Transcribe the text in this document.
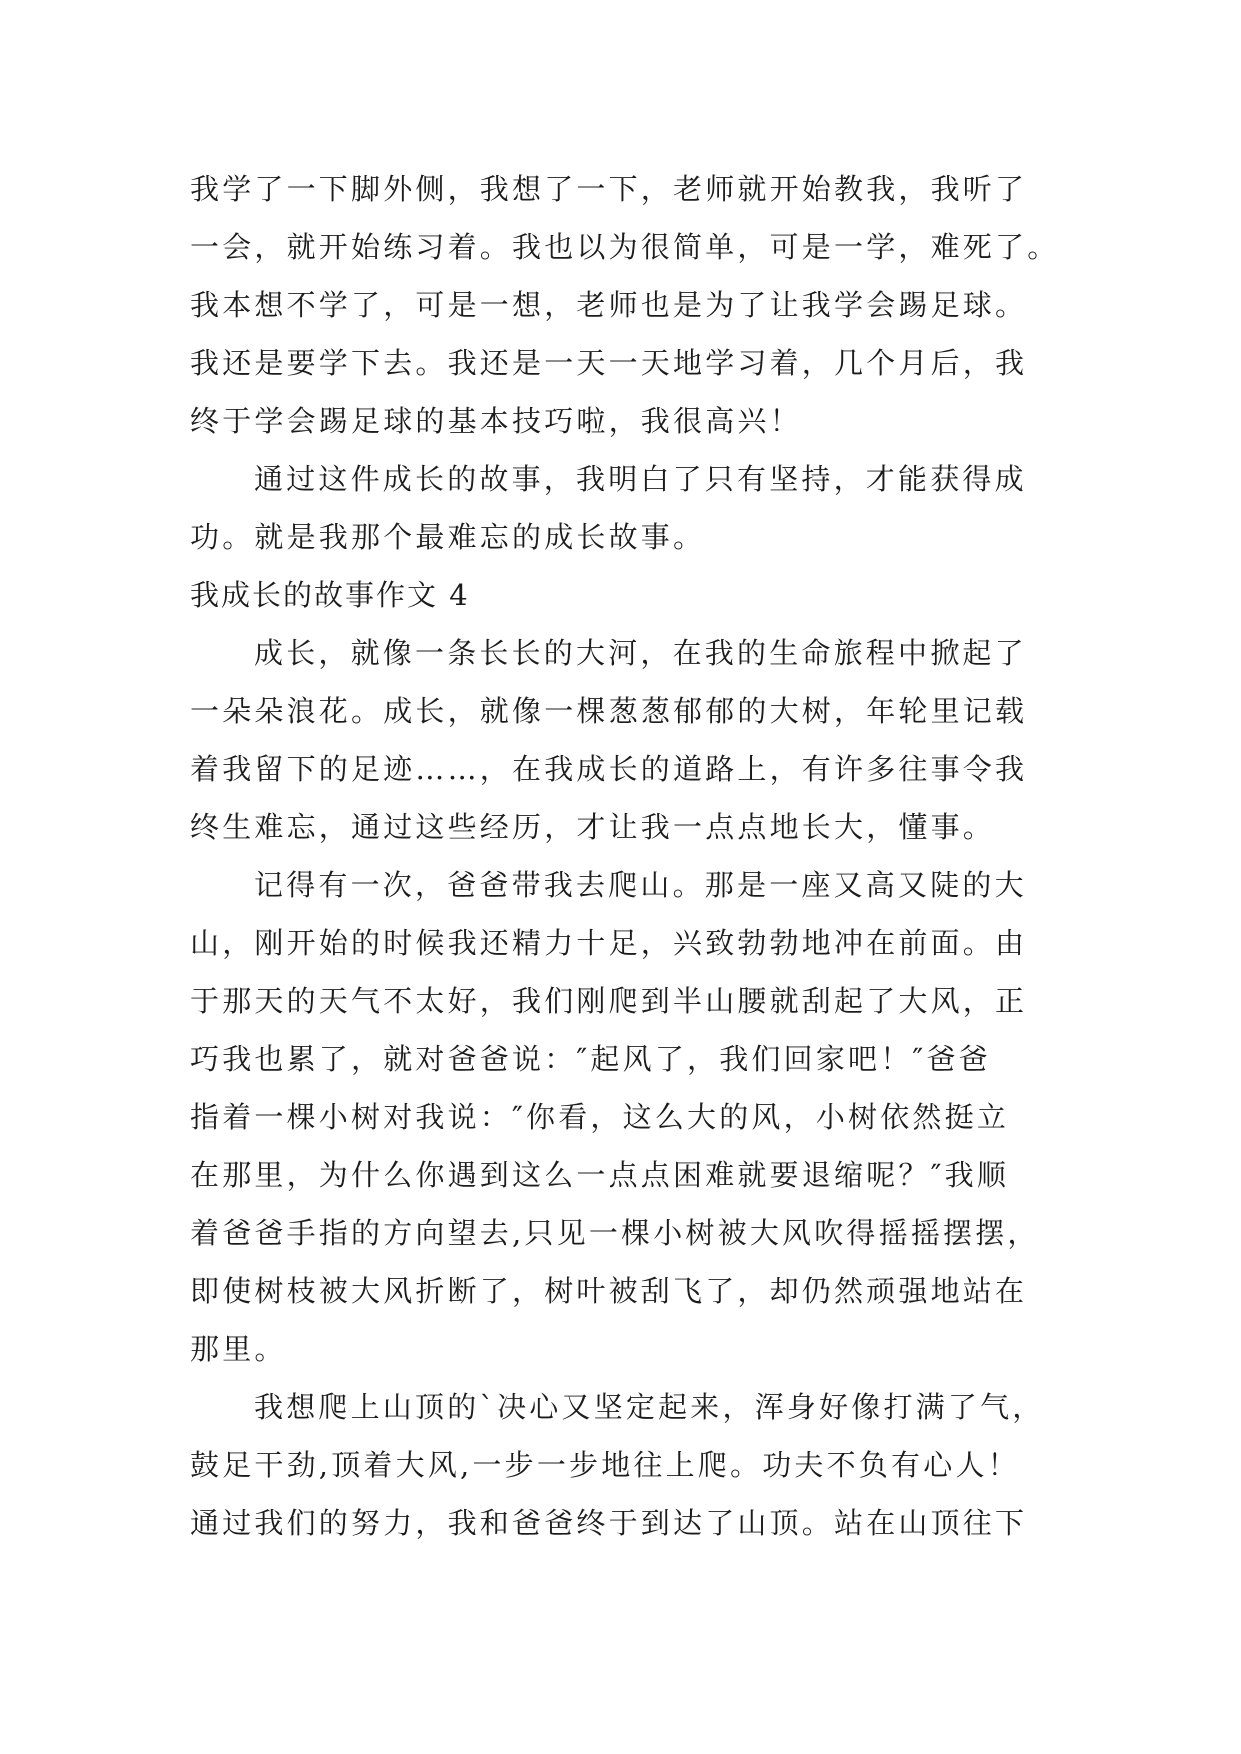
我学了一下脚外侧，我想了一下，老师就开始教我，我听了
一会，就开始练习着。我也以为很简单，可是一学，难死了。
我本想不学了，可是一想，老师也是为了让我学会踢足球。
我还是要学下去。我还是一天一天地学习着，几个月后，我
终于学会踢足球的基本技巧啦，我很高兴！
通过这件成长的故事，我明白了只有坚持，才能获得成
功。就是我那个最难忘的成长故事。
我成长的故事作文 4
成长，就像一条长长的大河，在我的生命旅程中掀起了
一朵朵浪花。成长，就像一棵葱葱郁郁的大树，年轮里记载
着我留下的足迹……，在我成长的道路上，有许多往事令我
终生难忘，通过这些经历，才让我一点点地长大，懂事。
记得有一次，爸爸带我去爬山。那是一座又高又陡的大
山，刚开始的时候我还精力十足，兴致勃勃地冲在前面。由
于那天的天气不太好，我们刚爬到半山腰就刮起了大风，正
巧我也累了，就对爸爸说：″起风了，我们回家吧！″爸爸
指着一棵小树对我说：″你看，这么大的风，小树依然挺立
在那里，为什么你遇到这么一点点困难就要退缩呢？″我顺
着爸爸手指的方向望去,只见一棵小树被大风吹得摇摇摆摆，
即使树枝被大风折断了，树叶被刮飞了，却仍然顽强地站在
那里。
我想爬上山顶的`决心又坚定起来，浑身好像打满了气，
鼓足干劲,顶着大风,一步一步地往上爬。功夫不负有心人！
通过我们的努力，我和爸爸终于到达了山顶。站在山顶往下
